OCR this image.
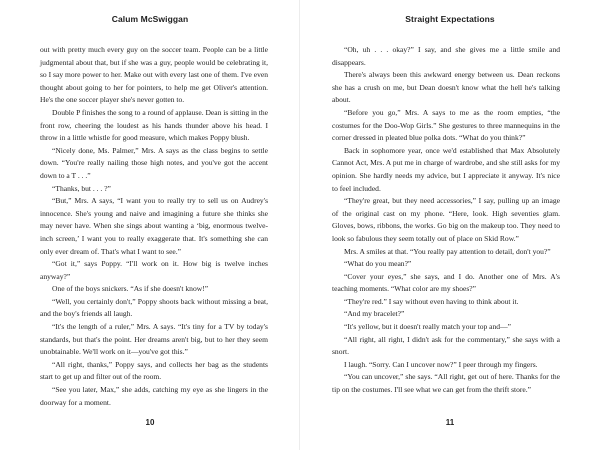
Calum McSwiggan

out with pretty much every guy on the soccer team. People can be a little judgmental about that, but if she was a guy, people would be celebrating it, so I say more power to her. Make out with every last one of them. I've even thought about going to her for pointers, to help me get Oliver's attention. He's the one soccer player she's never gotten to.

Double P finishes the song to a round of applause. Dean is sitting in the front row, cheering the loudest as his hands thunder above his head. I throw in a little whistle for good measure, which makes Poppy blush.

“Nicely done, Ms. Palmer,” Mrs. A says as the class begins to settle down. “You're really nailing those high notes, and you've got the accent down to a T . . .”

“Thanks, but . . . ?”

“But,” Mrs. A says, “I want you to really try to sell us on Audrey's innocence. She's young and naive and imagining a future she thinks she may never have. When she sings about wanting a ‘big, enormous twelve-inch screen,’ I want you to really exaggerate that. It's something she can only ever dream of. That's what I want to see.”

“Got it,” says Poppy. “I'll work on it. How big is twelve inches anyway?”

One of the boys snickers. “As if she doesn't know!”

“Well, you certainly don't,” Poppy shoots back without missing a beat, and the boy's friends all laugh.

“It's the length of a ruler,” Mrs. A says. “It's tiny for a TV by today's standards, but that's the point. Her dreams aren't big, but to her they seem unobtainable. We'll work on it—you've got this.”

“All right, thanks,” Poppy says, and collects her bag as the students start to get up and filter out of the room.

“See you later, Max,” she adds, catching my eye as she lingers in the doorway for a moment.

10
Straight Expectations

“Oh, uh . . . okay?” I say, and she gives me a little smile and disappears.

There's always been this awkward energy between us. Dean reckons she has a crush on me, but Dean doesn't know what the hell he's talking about.

“Before you go,” Mrs. A says to me as the room empties, “the costumes for the Doo-Wop Girls.” She gestures to three mannequins in the corner dressed in pleated blue polka dots. “What do you think?”

Back in sophomore year, once we'd established that Max Absolutely Cannot Act, Mrs. A put me in charge of wardrobe, and she still asks for my opinion. She hardly needs my advice, but I appreciate it anyway. It's nice to feel included.

“They're great, but they need accessories,” I say, pulling up an image of the original cast on my phone. “Here, look. High seventies glam. Gloves, bows, ribbons, the works. Go big on the makeup too. They need to look so fabulous they seem totally out of place on Skid Row.”

Mrs. A smiles at that. “You really pay attention to detail, don't you?”

“What do you mean?”

“Cover your eyes,” she says, and I do. Another one of Mrs. A's teaching moments. “What color are my shoes?”

“They're red.” I say without even having to think about it.

“And my bracelet?”

“It's yellow, but it doesn't really match your top and—”

“All right, all right, I didn't ask for the commentary,” she says with a snort.

I laugh. “Sorry. Can I uncover now?” I peer through my fingers.

“You can uncover,” she says. “All right, get out of here. Thanks for the tip on the costumes. I'll see what we can get from the thrift store.”

11
